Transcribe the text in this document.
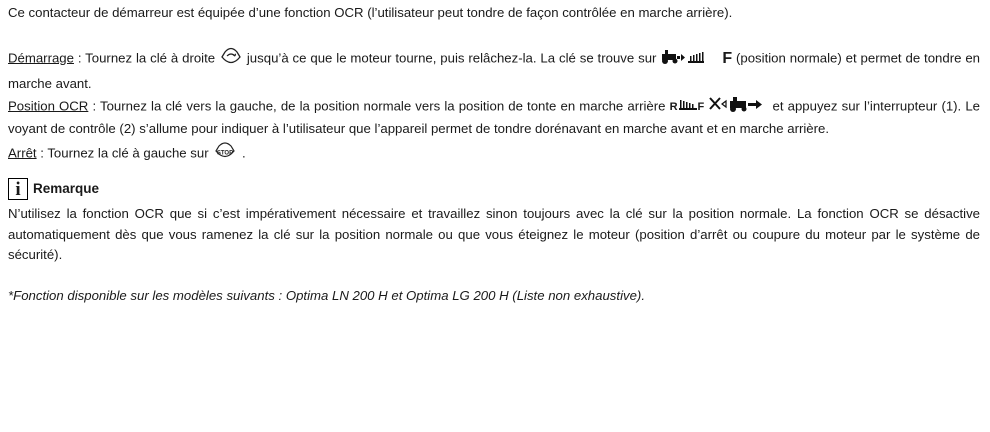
Ce contacteur de démarreur est équipée d’une fonction OCR (l’utilisateur peut tondre de façon contrôlée en marche arrière).

Démarrage : Tournez la clé à droite  jusqu’à ce que le moteur tourne, puis relâchez-la. La clé se trouve sur	F (position normale) et permet de tondre en marche avant.

Position OCR : Tournez la clé vers la gauche, de la position normale vers la position de tonte en marche arrière R F	et appuyez sur l’interrupteur (1). Le voyant de contrôle (2) s’allume pour indiquer à l’utilisateur que l’appareil permet de tondre dorénavant en marche avant et en marche arrière.

Arrêt : Tournez la clé à gauche sur STOP .

i Remarque

N’utilisez la fonction OCR que si c’est impérativement nécessaire et travaillez sinon toujours avec la clé sur la position normale. La fonction OCR se désactive automatiquement dès que vous ramenez la clé sur la position normale ou que vous éteignez le moteur (position d’arrêt ou coupure du moteur par le système de sécurité).

*Fonction disponible sur les modèles suivants : Optima LN 200 H et Optima LG 200 H (Liste non exhaustive).
